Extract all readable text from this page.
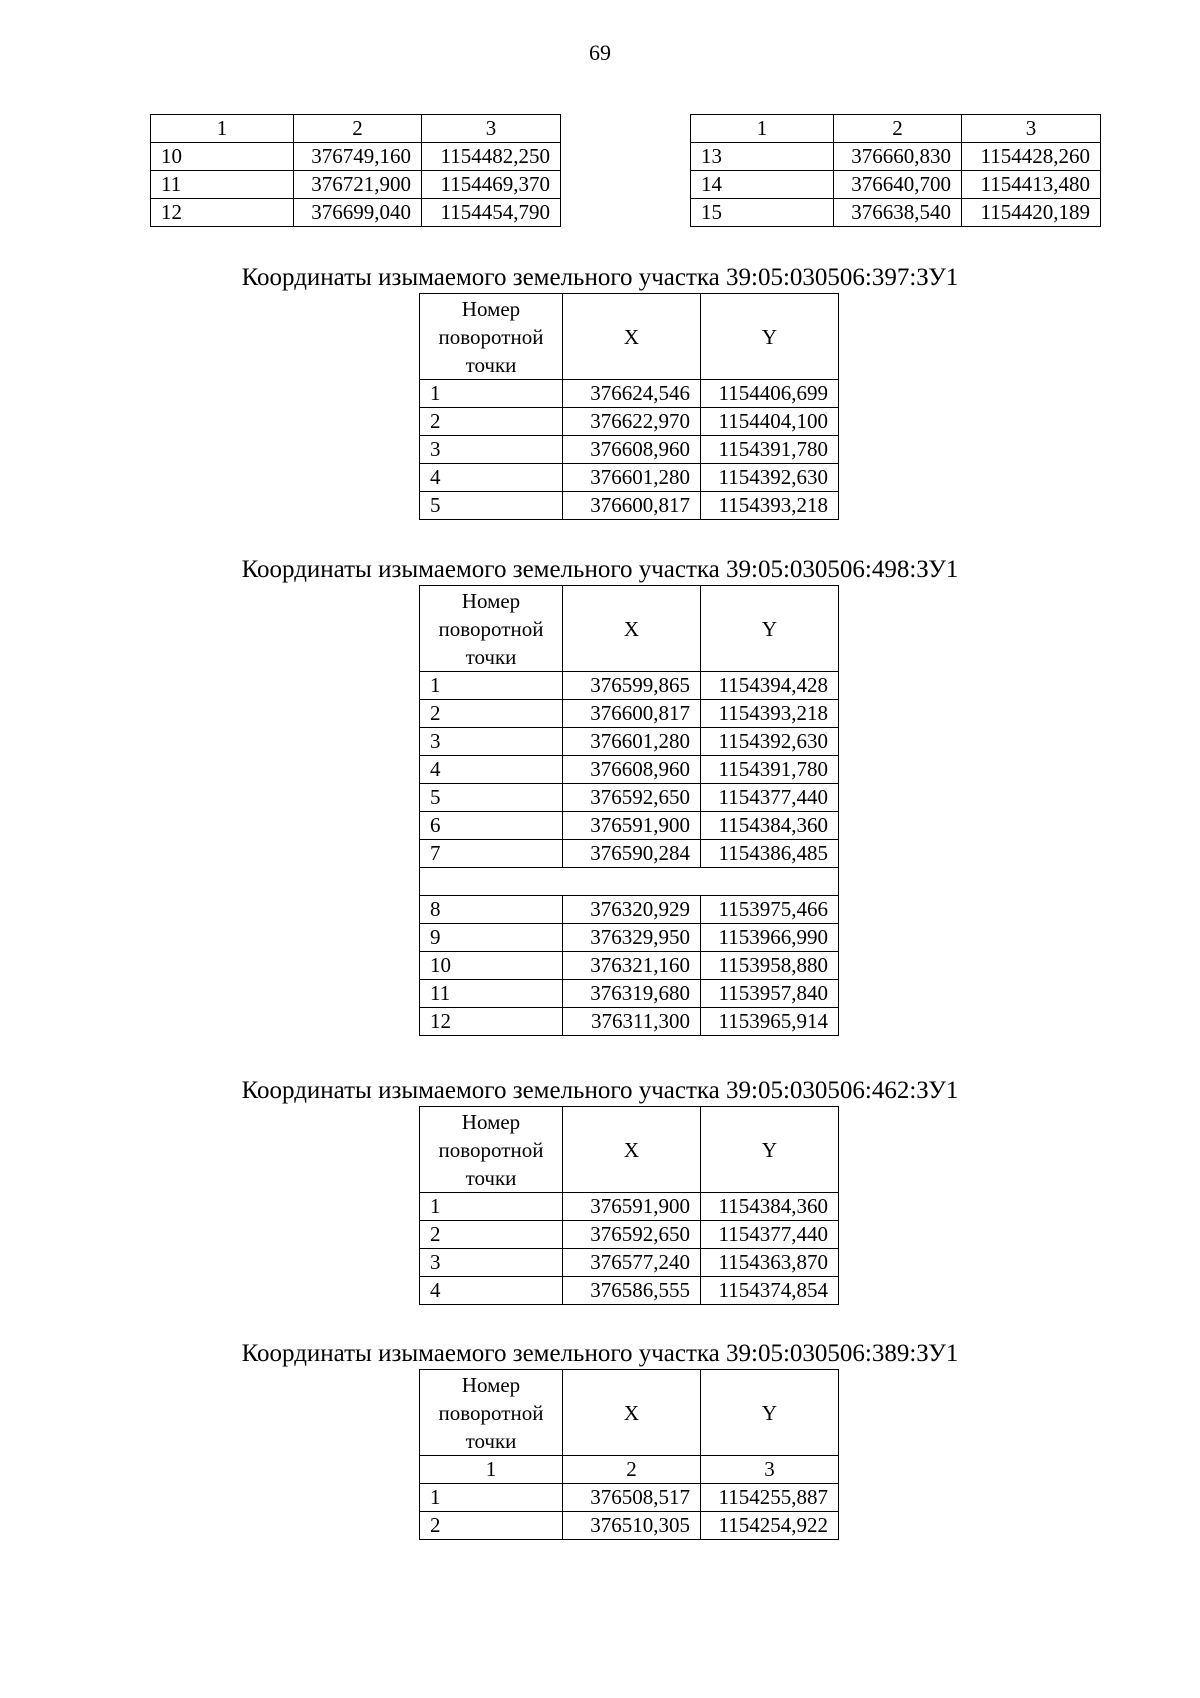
69
1	2	3
10	376749,160	1154482,250
11	376721,900	1154469,370
12	376699,040	1154454,790
1	2	3
13	376660,830	1154428,260
14	376640,700	1154413,480
15	376638,540	1154420,189
Координаты изымаемого земельного участка 39:05:030506:397:ЗУ1
Номер поворотной точки	X	Y
1	376624,546	1154406,699
2	376622,970	1154404,100
3	376608,960	1154391,780
4	376601,280	1154392,630
5	376600,817	1154393,218
Координаты изымаемого земельного участка 39:05:030506:498:ЗУ1
Номер поворотной точки	X	Y
1	376599,865	1154394,428
2	376600,817	1154393,218
3	376601,280	1154392,630
4	376608,960	1154391,780
5	376592,650	1154377,440
6	376591,900	1154384,360
7	376590,284	1154386,485

8	376320,929	1153975,466
9	376329,950	1153966,990
10	376321,160	1153958,880
11	376319,680	1153957,840
12	376311,300	1153965,914
Координаты изымаемого земельного участка 39:05:030506:462:ЗУ1
Номер поворотной точки	X	Y
1	376591,900	1154384,360
2	376592,650	1154377,440
3	376577,240	1154363,870
4	376586,555	1154374,854
Координаты изымаемого земельного участка 39:05:030506:389:ЗУ1
Номер поворотной точки	X	Y
1	2	3
1	376508,517	1154255,887
2	376510,305	1154254,922
